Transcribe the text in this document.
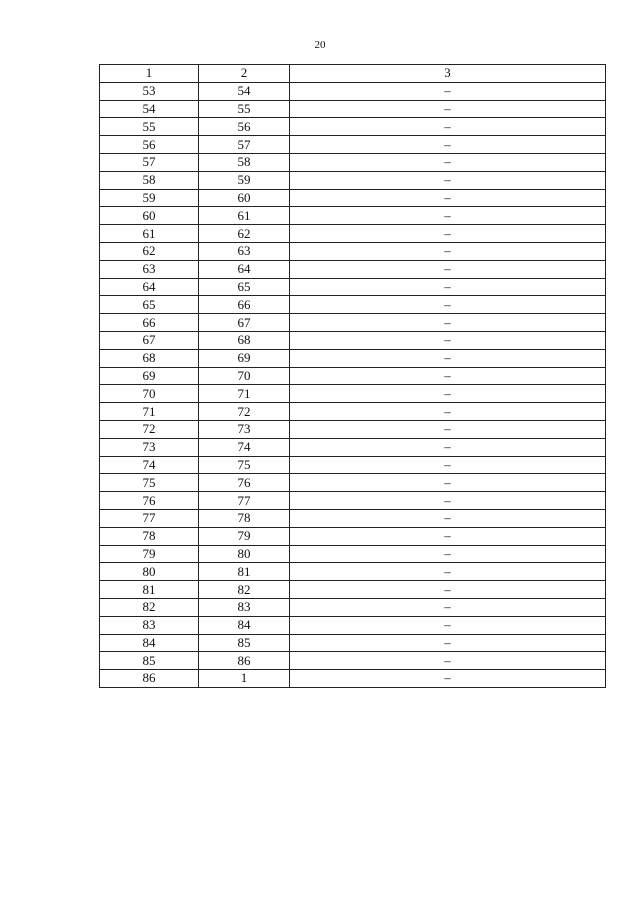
20
1	2	3
53	54	–
54	55	–
55	56	–
56	57	–
57	58	–
58	59	–
59	60	–
60	61	–
61	62	–
62	63	–
63	64	–
64	65	–
65	66	–
66	67	–
67	68	–
68	69	–
69	70	–
70	71	–
71	72	–
72	73	–
73	74	–
74	75	–
75	76	–
76	77	–
77	78	–
78	79	–
79	80	–
80	81	–
81	82	–
82	83	–
83	84	–
84	85	–
85	86	–
86	1	–
